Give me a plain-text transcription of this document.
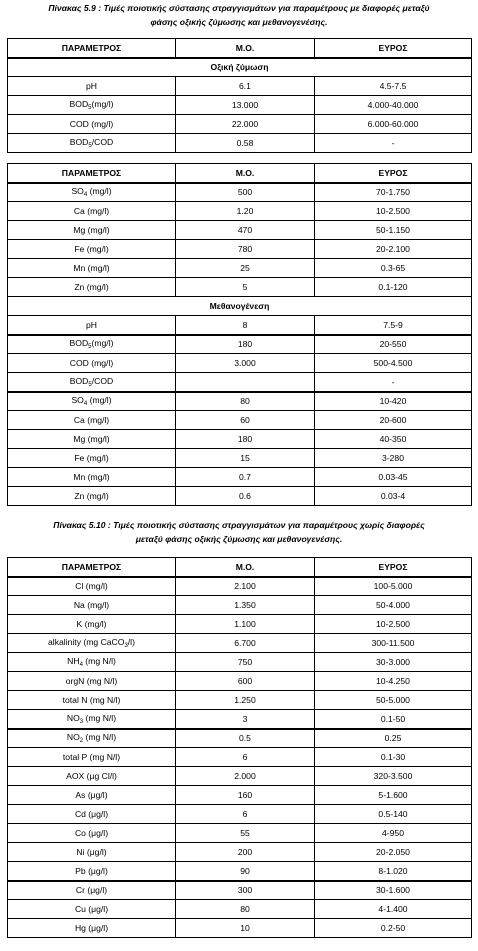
Πίνακας 5.9 : Τιμές ποιοτικής σύστασης στραγγισμάτων για παραμέτρους με διαφορές μεταξύ
φάσης οξικής ζύμωσης και μεθανογενέσης.
ΠΑΡΑΜΕΤΡΟΣ	Μ.Ο.	ΕΥΡΟΣ
Οξική ζύμωση		
pH	6.1	4.5-7.5
$BOD_5(mg/l)$	13.000	4.000-40.000
COD (mg/l)	22.000	6.000-60.000
$BOD_5$/COD	0.58	-
ΠΑΡΑΜΕΤΡΟΣ	Μ.Ο.	ΕΥΡΟΣ
$SO_4$ (mg/l)	500	70-1.750
Ca (mg/l)	1.20	10-2.500
Mg (mg/l)	470	50-1.150
Fe (mg/l)	780	20-2.100
Mn (mg/l)	25	0.3-65
Zn (mg/l)	5	0.1-120
Μεθανογένεση		
pH	8	7.5-9
$BOD_5(mg/l)$	180	20-550
COD (mg/l)	3.000	500-4.500
$BOD_5$/COD		-
$SO_4$ (mg/l)	80	10-420
Ca (mg/l)	60	20-600
Mg (mg/l)	180	40-350
Fe (mg/l)	15	3-280
Mn (mg/l)	0.7	0.03-45
Zn (mg/l)	0.6	0.03-4
Πίνακας 5.10 : Τιμές ποιοτικής σύστασης στραγγισμάτων για παραμέτρους χωρίς διαφορές
μεταξύ φάσης οξικής ζύμωσης και μεθανογενέσης.
ΠΑΡΑΜΕΤΡΟΣ	Μ.Ο.	ΕΥΡΟΣ
Cl (mg/l)	2.100	100-5.000
Na (mg/l)	1.350	50-4.000
K (mg/l)	1.100	10-2.500
alkalinity (mg CaCO$_3$/l)	6.700	300-11.500
$NH_4$ (mg N/l)	750	30-3.000
orgN (mg N/l)	600	10-4.250
total N (mg N/l)	1.250	50-5.000
$NO_3$ (mg N/l)	3	0.1-50
$NO_2$ (mg N/l)	0.5	0.25
total P (mg N/l)	6	0.1-30
AOX (μg Cl/l)	2.000	320-3.500
As (μg/l)	160	5-1.600
Cd (μg/l)	6	0.5-140
Co (μg/l)	55	4-950
Ni (μg/l)	200	20-2.050
Pb (μg/l)	90	8-1.020
Cr (μg/l)	300	30-1.600
Cu (μg/l)	80	4-1.400
Hg (μg/l)	10	0.2-50
